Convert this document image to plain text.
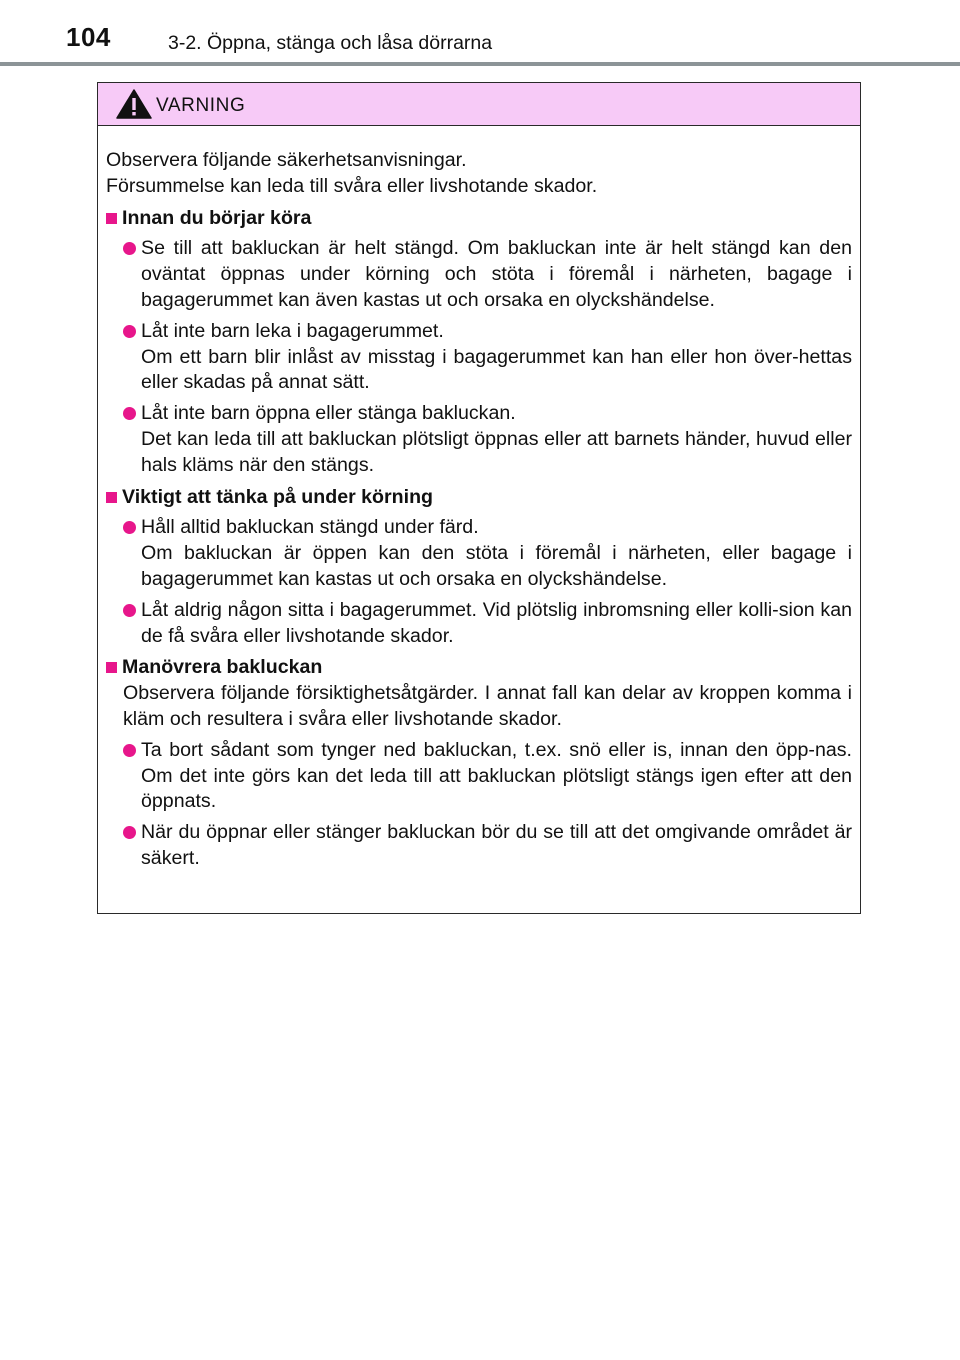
104	3-2. Öppna, stänga och låsa dörrarna
VARNING

Observera följande säkerhetsanvisningar.
Försummelse kan leda till svåra eller livshotande skador.

Innan du börjar köra
Se till att bakluckan är helt stängd. Om bakluckan inte är helt stängd kan den oväntat öppnas under körning och stöta i föremål i närheten, bagage i bagagerummet kan även kastas ut och orsaka en olyckshändelse.
Låt inte barn leka i bagagerummet.
Om ett barn blir inlåst av misstag i bagagerummet kan han eller hon över-hettas eller skadas på annat sätt.
Låt inte barn öppna eller stänga bakluckan.
Det kan leda till att bakluckan plötsligt öppnas eller att barnets händer, huvud eller hals kläms när den stängs.
Viktigt att tänka på under körning
Håll alltid bakluckan stängd under färd.
Om bakluckan är öppen kan den stöta i föremål i närheten, eller bagage i bagagerummet kan kastas ut och orsaka en olyckshändelse.
Låt aldrig någon sitta i bagagerummet. Vid plötslig inbromsning eller kolli-sion kan de få svåra eller livshotande skador.
Manövrera bakluckan
Observera följande försiktighetsåtgärder. I annat fall kan delar av kroppen komma i kläm och resultera i svåra eller livshotande skador.
Ta bort sådant som tynger ned bakluckan, t.ex. snö eller is, innan den öpp-nas. Om det inte görs kan det leda till att bakluckan plötsligt stängs igen efter att den öppnats.
När du öppnar eller stänger bakluckan bör du se till att det omgivande området är säkert.
